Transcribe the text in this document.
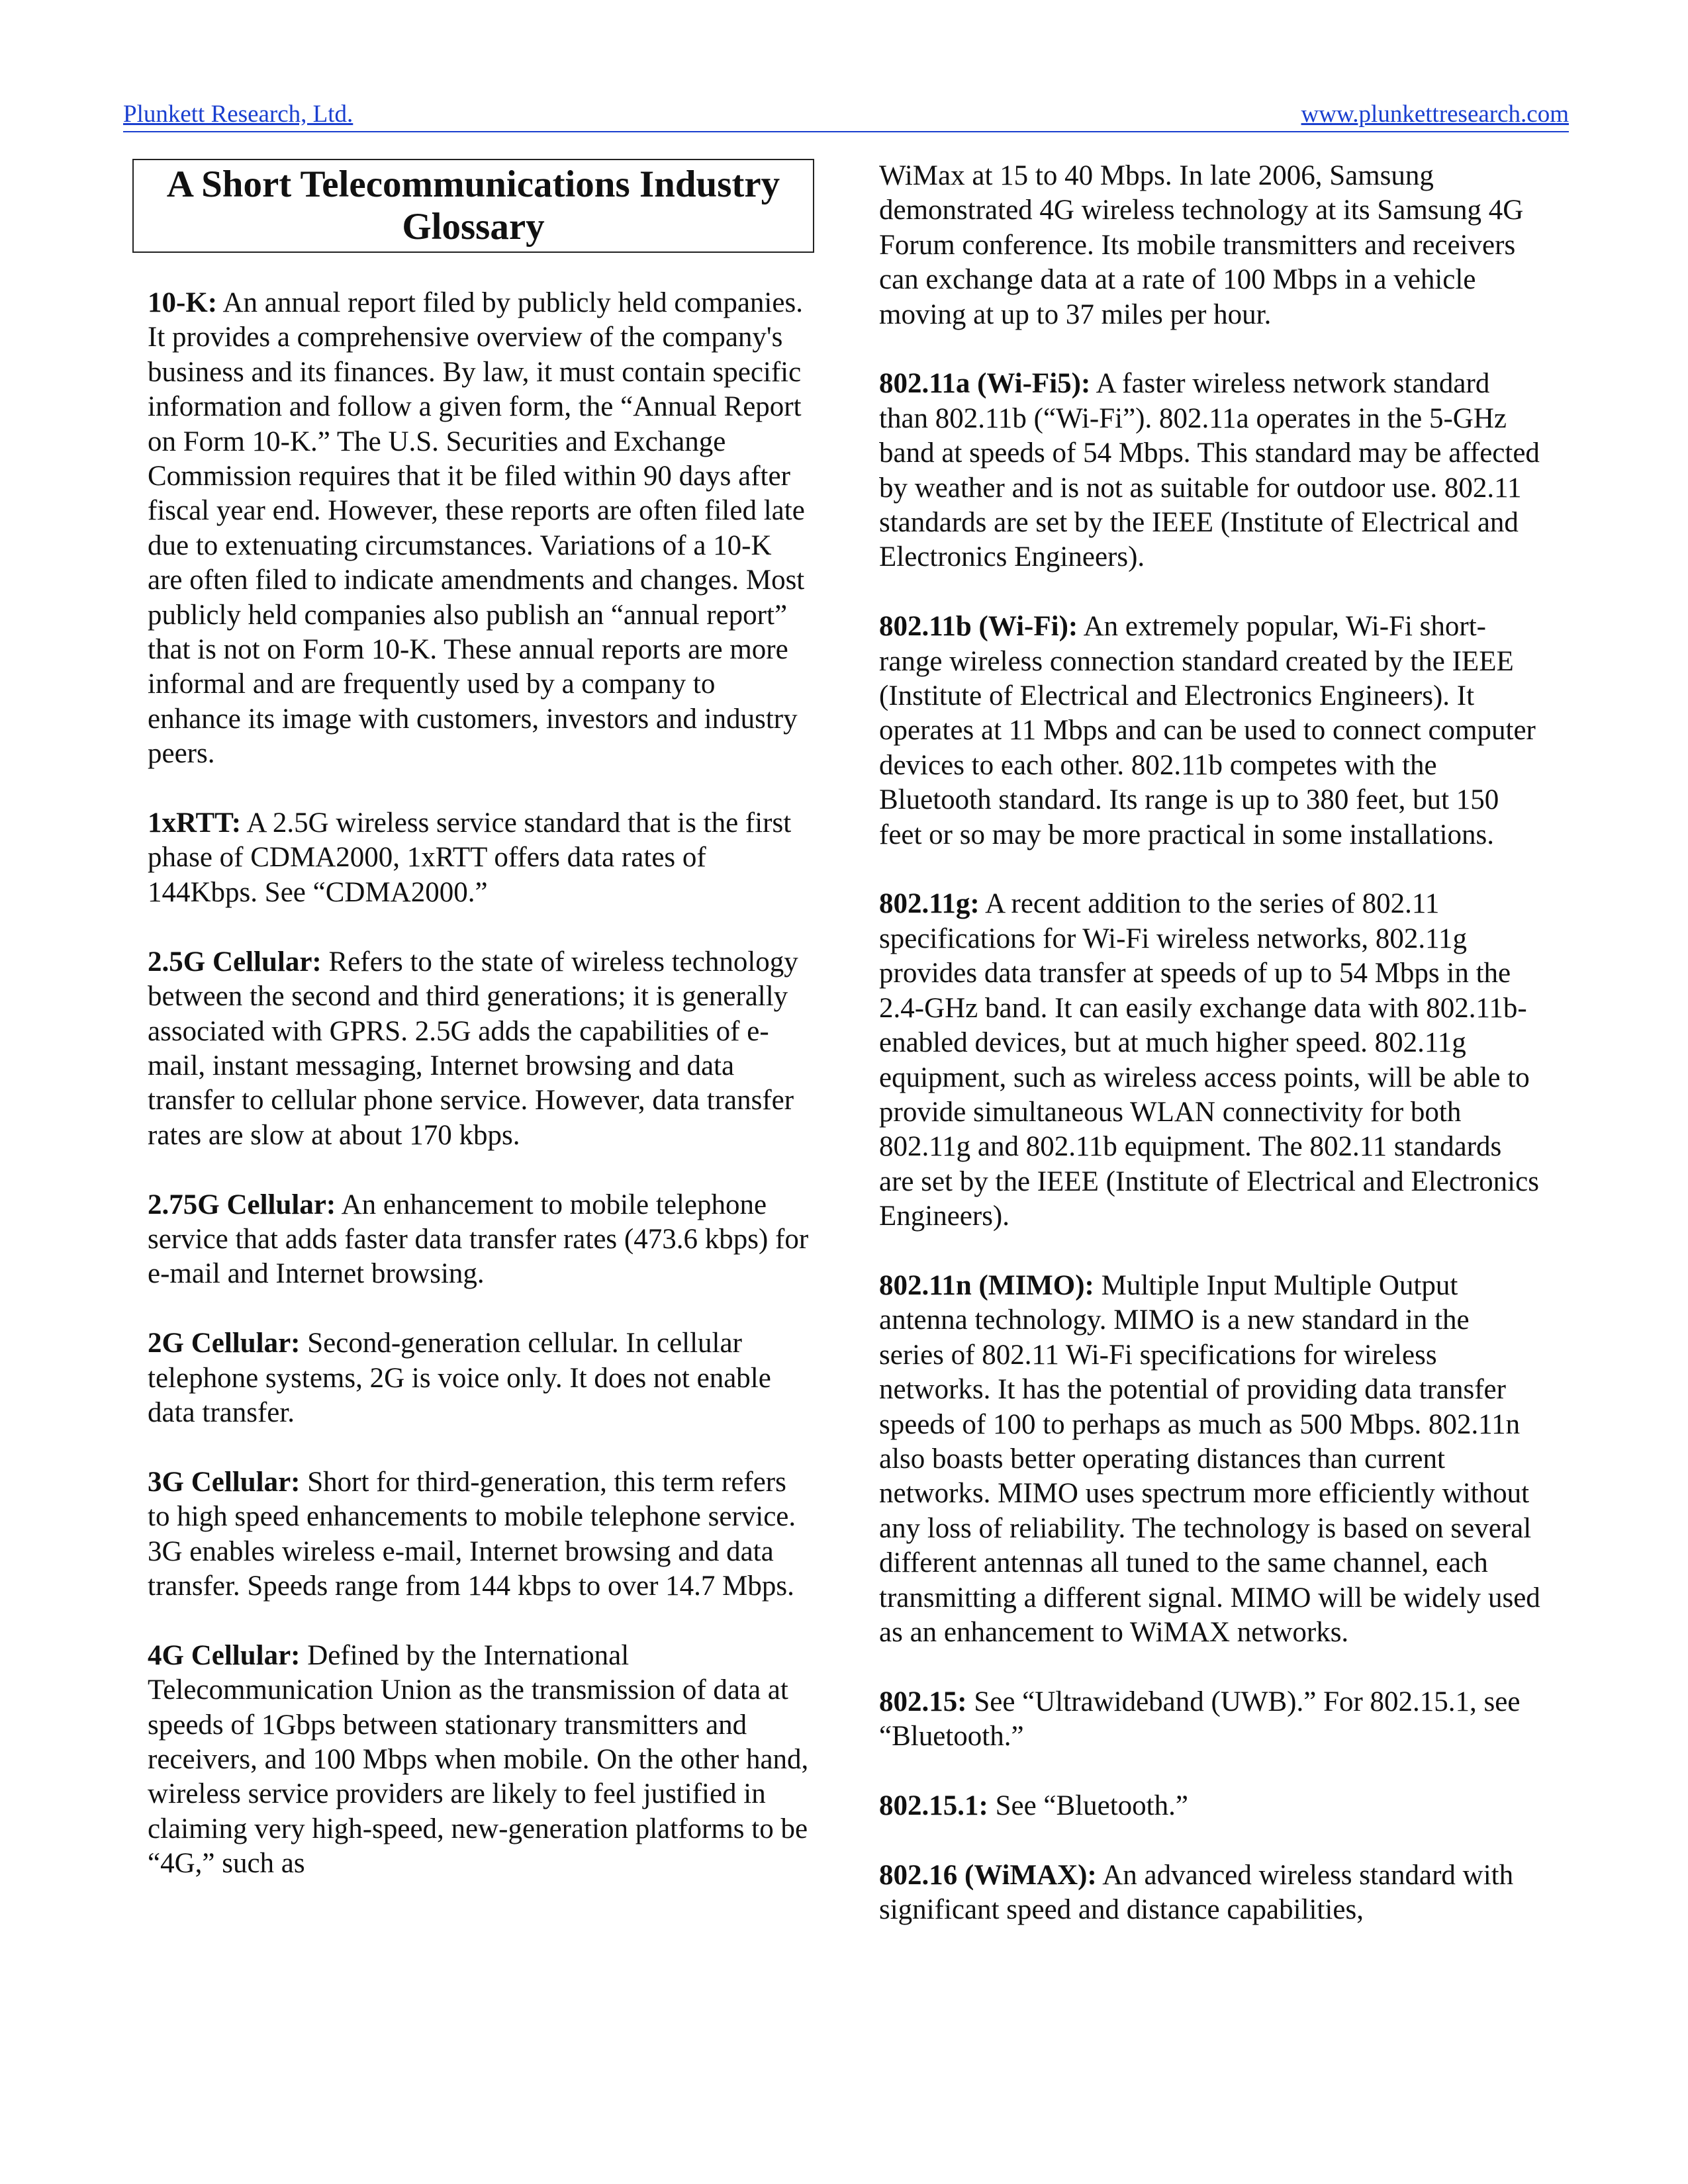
Plunkett Research, Ltd.	www.plunkettresearch.com
A Short Telecommunications Industry Glossary

10-K: An annual report filed by publicly held companies. It provides a comprehensive overview of the company's business and its finances. By law, it must contain specific information and follow a given form, the “Annual Report on Form 10-K.” The U.S. Securities and Exchange Commission requires that it be filed within 90 days after fiscal year end. However, these reports are often filed late due to extenuating circumstances. Variations of a 10-K are often filed to indicate amendments and changes. Most publicly held companies also publish an “annual report” that is not on Form 10-K. These annual reports are more informal and are frequently used by a company to enhance its image with customers, investors and industry peers.

1xRTT: A 2.5G wireless service standard that is the first phase of CDMA2000, 1xRTT offers data rates of 144Kbps. See “CDMA2000.”

2.5G Cellular: Refers to the state of wireless technology between the second and third generations; it is generally associated with GPRS. 2.5G adds the capabilities of e-mail, instant messaging, Internet browsing and data transfer to cellular phone service. However, data transfer rates are slow at about 170 kbps.

2.75G Cellular: An enhancement to mobile telephone service that adds faster data transfer rates (473.6 kbps) for e-mail and Internet browsing.

2G Cellular: Second-generation cellular. In cellular telephone systems, 2G is voice only. It does not enable data transfer.

3G Cellular: Short for third-generation, this term refers to high speed enhancements to mobile telephone service. 3G enables wireless e-mail, Internet browsing and data transfer. Speeds range from 144 kbps to over 14.7 Mbps.

4G Cellular: Defined by the International Telecommunication Union as the transmission of data at speeds of 1Gbps between stationary transmitters and receivers, and 100 Mbps when mobile. On the other hand, wireless service providers are likely to feel justified in claiming very high-speed, new-generation platforms to be “4G,” such as

WiMax at 15 to 40 Mbps. In late 2006, Samsung demonstrated 4G wireless technology at its Samsung 4G Forum conference. Its mobile transmitters and receivers can exchange data at a rate of 100 Mbps in a vehicle moving at up to 37 miles per hour.

802.11a (Wi-Fi5): A faster wireless network standard than 802.11b (“Wi-Fi”). 802.11a operates in the 5-GHz band at speeds of 54 Mbps. This standard may be affected by weather and is not as suitable for outdoor use. 802.11 standards are set by the IEEE (Institute of Electrical and Electronics Engineers).

802.11b (Wi-Fi): An extremely popular, Wi-Fi short-range wireless connection standard created by the IEEE (Institute of Electrical and Electronics Engineers). It operates at 11 Mbps and can be used to connect computer devices to each other. 802.11b competes with the Bluetooth standard. Its range is up to 380 feet, but 150 feet or so may be more practical in some installations.

802.11g: A recent addition to the series of 802.11 specifications for Wi-Fi wireless networks, 802.11g provides data transfer at speeds of up to 54 Mbps in the 2.4-GHz band. It can easily exchange data with 802.11b-enabled devices, but at much higher speed. 802.11g equipment, such as wireless access points, will be able to provide simultaneous WLAN connectivity for both 802.11g and 802.11b equipment. The 802.11 standards are set by the IEEE (Institute of Electrical and Electronics Engineers).

802.11n (MIMO): Multiple Input Multiple Output antenna technology. MIMO is a new standard in the series of 802.11 Wi-Fi specifications for wireless networks. It has the potential of providing data transfer speeds of 100 to perhaps as much as 500 Mbps. 802.11n also boasts better operating distances than current networks. MIMO uses spectrum more efficiently without any loss of reliability. The technology is based on several different antennas all tuned to the same channel, each transmitting a different signal. MIMO will be widely used as an enhancement to WiMAX networks.

802.15: See “Ultrawideband (UWB).” For 802.15.1, see “Bluetooth.”

802.15.1: See “Bluetooth.”

802.16 (WiMAX): An advanced wireless standard with significant speed and distance capabilities,
